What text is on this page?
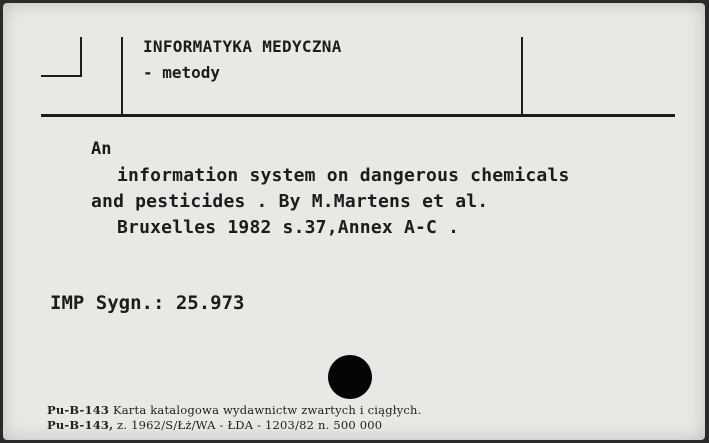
INFORMATYKA MEDYCZNA
- metody
An
information system on dangerous chemicals
and pesticides . By M.Martens et al.
Bruxelles 1982 s.37,Annex A-C .
IMP Sygn.: 25.973
Pu-B-143 Karta katalogowa wydawnictw zwartych i ciągłych.
Pu-B-143, z. 1962/S/Łż/WA - ŁDA - 1203/82 n. 500 000
